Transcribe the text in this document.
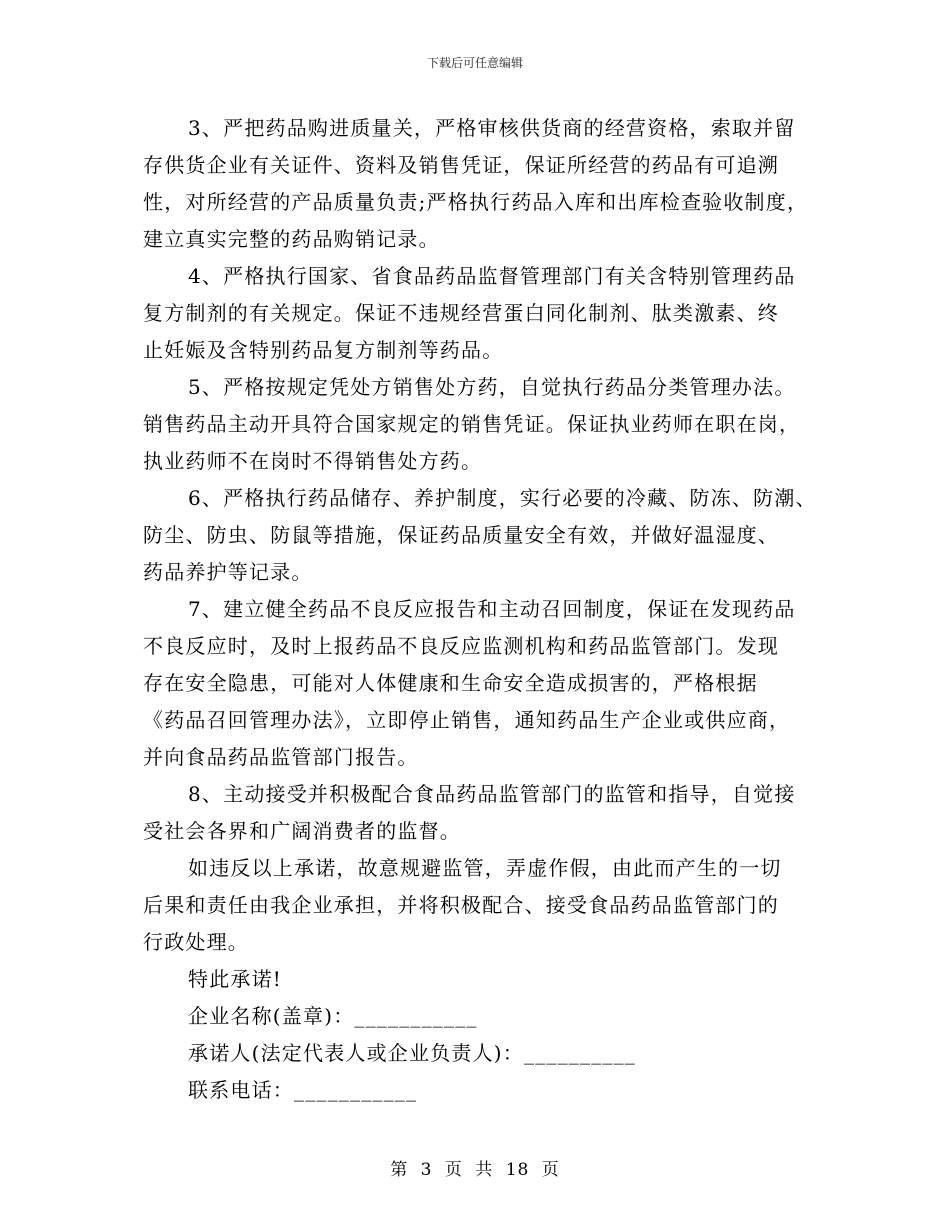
下载后可任意编辑
3、严把药品购进质量关，严格审核供货商的经营资格，索取并留
存供货企业有关证件、资料及销售凭证，保证所经营的药品有可追溯
性，对所经营的产品质量负责;严格执行药品入库和出库检查验收制度，
建立真实完整的药品购销记录。
4、严格执行国家、省食品药品监督管理部门有关含特别管理药品
复方制剂的有关规定。保证不违规经营蛋白同化制剂、肽类激素、终
止妊娠及含特别药品复方制剂等药品。
5、严格按规定凭处方销售处方药，自觉执行药品分类管理办法。
销售药品主动开具符合国家规定的销售凭证。保证执业药师在职在岗，
执业药师不在岗时不得销售处方药。
6、严格执行药品储存、养护制度，实行必要的冷藏、防冻、防潮、
防尘、防虫、防鼠等措施，保证药品质量安全有效，并做好温湿度、
药品养护等记录。
7、建立健全药品不良反应报告和主动召回制度，保证在发现药品
不良反应时，及时上报药品不良反应监测机构和药品监管部门。发现
存在安全隐患，可能对人体健康和生命安全造成损害的，严格根据
《药品召回管理办法》，立即停止销售，通知药品生产企业或供应商，
并向食品药品监管部门报告。
8、主动接受并积极配合食品药品监管部门的监管和指导，自觉接
受社会各界和广阔消费者的监督。
如违反以上承诺，故意规避监管，弄虚作假，由此而产生的一切
后果和责任由我企业承担，并将积极配合、接受食品药品监管部门的
行政处理。
特此承诺!
企业名称(盖章)：___________
承诺人(法定代表人或企业负责人)：__________
联系电话：___________
第 3 页 共 18 页
